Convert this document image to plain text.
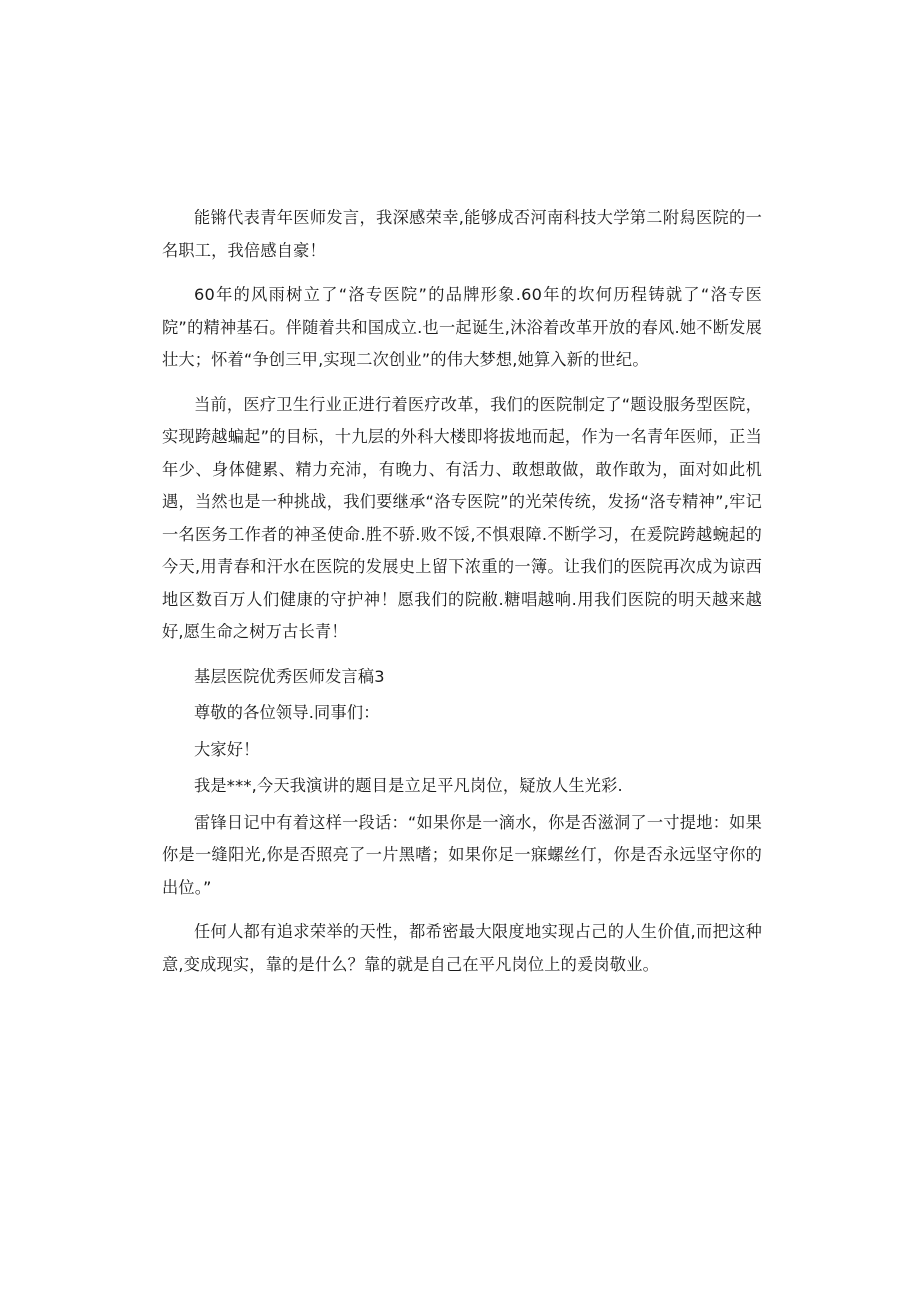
能锵代表青年医师发言，我深感荣幸,能够成否河南科技大学第二附舄医院的一名职工，我倍感自豪！

60年的风雨树立了“洛专医院”的品牌形象.60年的坎何历程铸就了“洛专医院”的精神基石。伴随着共和国成立.也一起诞生,沐浴着改革开放的春风.她不断发展壮大；怀着“争创三甲,实现二次创业”的伟大梦想,她算入新的世纪。

当前，医疗卫生行业正进行着医疗改革，我们的医院制定了“题设服务型医院，实现跨越蝙起”的目标，十九层的外科大楼即将拔地而起，作为一名青年医师，正当年少、身体健累、精力充沛，有晚力、有活力、敢想敢做，敢作敢为，面对如此机遇，当然也是一种挑战，我们要继承“洛专医院”的光荣传统，发扬“洛专精神”,牢记一名医务工作者的神圣使命.胜不骄.败不馁,不惧艰障.不断学习，在爰院跨越蜿起的今天,用青春和汗水在医院的发展史上留下浓重的一簿。让我们的医院再次成为谅西地区数百万人们健康的守护神！愿我们的院敝.糖唱越响.用我们医院的明天越来越好,愿生命之树万古长青！

基层医院优秀医师发言稿3

尊敬的各位领导.同事们：

大家好！

我是***,今天我演讲的题目是立足平凡岗位，疑放人生光彩.

雷锋日记中有着这样一段话：“如果你是一滴水，你是否滋洞了一寸提地：如果你是一缝阳光,你是否照亮了一片黑嗜；如果你足一寐螺丝仃，你是否永远坚守你的出位。”

任何人都有追求荣举的天性，都希密最大限度地实现占己的人生价值,而把这种意,变成现实，靠的是什么？靠的就是自己在平凡岗位上的爰岗敬业。
